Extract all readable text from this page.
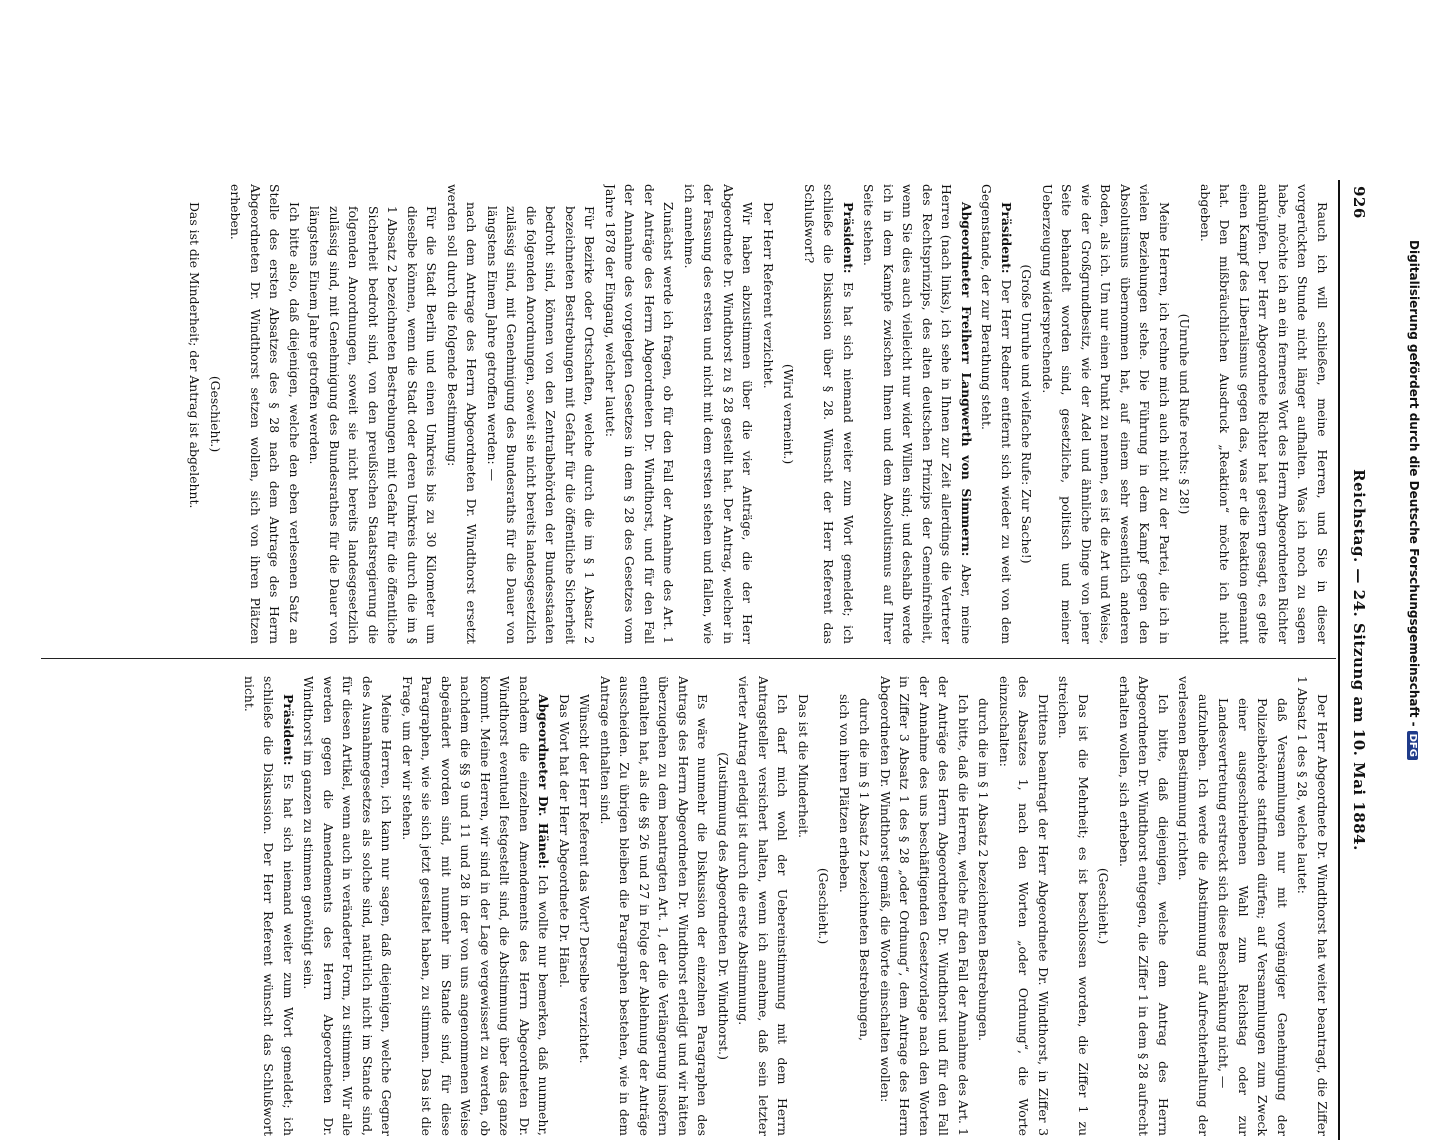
926
Reichstag. — 24. Sitzung am 10. Mai 1884.

Rauch ich will schließen, meine Herren, und Sie in dieser vorgerückten Stunde nicht länger aufhalten. Was ich noch zu sagen habe, möchte ich an ein ferneres Wort des Herrn Abgeordneten Richter anknüpfen. Der Herr Abgeordnete Richter hat gestern gesagt, es gelte einen Kampf des Liberalismus gegen das, was er die Reaktion genannt hat. Den mißbräuchlichen Ausdruck „Reaktion“ möchte ich nicht abgeben.

(Unruhe und Rufe rechts: § 28!)

Meine Herren, ich rechne mich auch nicht zu der Partei, die ich in vielen Beziehungen stehe. Die Führung in dem Kampf gegen den Absolutismus übernommen hat, auf einem sehr wesentlich anderen Boden, als ich. Um nur einen Punkt zu nennen, es ist die Art und Weise, wie der Großgrundbesitz, wie der Adel und ähnliche Dinge von jener Seite behandelt worden sind, gesetzliche, politisch und meiner Ueberzeugung widersprechende.

(Große Unruhe und vielfache Rufe: Zur Sache!)

Präsident: Der Herr Redner entfernt sich wieder zu weit von dem Gegenstande, der zur Berathung steht.

Abgeordneter Freiherr Langwerth von Simmern: Aber, meine Herren (nach links), ich sehe in Ihnen zur Zeit allerdings die Vertreter des Rechtsprinzips, des alten deutschen Prinzips der Gemeinfreiheit, wenn Sie dies auch vielleicht nur wider Willen sind; und deshalb werde ich in dem Kampfe zwischen Ihnen und dem Absolutismus auf Ihrer Seite stehen.

Präsident: Es hat sich niemand weiter zum Wort gemeldet; ich schließe die Diskussion über § 28. Wünscht der Herr Referent das Schlußwort?

(Wird verneint.)

Der Herr Referent verzichtet.

Wir haben abzustimmen über die vier Anträge, die der Herr Abgeordnete Dr. Windthorst zu § 28 gestellt hat. Der Antrag, welcher in der Fassung des ersten und nicht mit dem ersten stehen und fallen, wie ich annehme.

Zunächst werde ich fragen, ob für den Fall der Annahme des Art. 1 der Anträge des Herrn Abgeordneten Dr. Windthorst, und für den Fall der Annahme des vorgelegten Gesetzes in dem § 28 des Gesetzes vom Jahre 1878 der Eingang, welcher lautet:

Für Bezirke oder Ortschaften, welche durch die im § 1 Absatz 2 bezeichneten Bestrebungen mit Gefahr für die öffentliche Sicherheit bedroht sind, können von den Zentralbehörden der Bundesstaaten die folgenden Anordnungen, soweit sie nicht bereits landesgesetzlich zulässig sind, mit Genehmigung des Bundesraths für die Dauer von längstens Einem Jahre getroffen werden: —

nach dem Antrage des Herrn Abgeordneten Dr. Windthorst ersetzt werden soll durch die folgende Bestimmung:

Für die Stadt Berlin und einen Umkreis bis zu 30 Kilometer um dieselbe können, wenn die Stadt oder deren Umkreis durch die im § 1 Absatz 2 bezeichneten Bestrebungen mit Gefahr für die öffentliche Sicherheit bedroht sind, von den preußischen Staatsregierung die folgenden Anordnungen, soweit sie nicht bereits landesgesetzlich zulässig sind, mit Genehmigung des Bundesrathes für die Dauer von längstens Einem Jahre getroffen werden.

Ich bitte also, daß diejenigen, welche den eben verlesenen Satz an Stelle des ersten Absatzes des § 28 nach dem Antrage des Herrn Abgeordneten Dr. Windthorst setzen wollen, sich von ihren Plätzen erheben.

(Geschieht.)

Das ist die Minderheit; der Antrag ist abgelehnt.

Der Herr Abgeordnete Dr. Windthorst hat weiter beantragt, die Ziffer 1 Absatz 1 des § 28, welche lautet:

daß Versammlungen nur mit vorgängiger Genehmigung der Polizeibehörde stattfinden dürfen; auf Versammlungen zum Zweck einer ausgeschriebenen Wahl zum Reichstag oder zur Landesvertretung erstreckt sich diese Beschränkung nicht, —

aufzuheben. Ich werde die Abstimmung auf Aufrechterhaltung der verlesenen Bestimmung richten.

Ich bitte, daß diejenigen, welche dem Antrag des Herrn Abgeordneten Dr. Windthorst entgegen, die Ziffer 1 in dem § 28 aufrecht erhalten wollen, sich erheben.

(Geschieht.)

Das ist die Mehrheit; es ist beschlossen worden, die Ziffer 1 zu streichen.

Drittens beantragt der Herr Abgeordnete Dr. Windthorst, in Ziffer 3 des Absatzes 1, nach den Worten „oder Ordnung“, die Worte einzuschalten:

durch die im § 1 Absatz 2 bezeichneten Bestrebungen.

Ich bitte, daß die Herren, welche für den Fall der Annahme des Art. 1 der Anträge des Herrn Abgeordneten Dr. Windthorst und für den Fall der Annahme des uns beschäftigenden Gesetzvorlage nach den Worten in Ziffer 3 Absatz 1 des § 28 „oder Ordnung“, dem Antrage des Herrn Abgeordneten Dr. Windthorst gemäß, die Worte einschalten wollen:

durch die im § 1 Absatz 2 bezeichneten Bestrebungen,

sich von ihren Plätzen erheben.

(Geschieht.)

Das ist die Minderheit.

Ich darf mich wohl der Uebereinstimmung mit dem Herrn Antragsteller versichert halten, wenn ich annehme, daß sein letzter vierter Antrag erledigt ist durch die erste Abstimmung.

(Zustimmung des Abgeordneten Dr. Windthorst.)

Es wäre nunmehr die Diskussion der einzelnen Paragraphen des Antrags des Herrn Abgeordneten Dr. Windthorst erledigt und wir hätten überzugehen zu dem beantragten Art. 1, der die Verlängerung insofern enthalten hat, als die §§ 26 und 27 in Folge der Ablehnung der Anträge ausscheiden. Zu übrigen bleiben die Paragraphen bestehen, wie in dem Antrage enthalten sind.

Wünscht der Herr Referent das Wort? Derselbe verzichtet.

Das Wort hat der Herr Abgeordnete Dr. Hänel.

Abgeordneter Dr. Hänel: Ich wollte nur bemerken, daß nunmehr, nachdem die einzelnen Amendements des Herrn Abgeordneten Dr. Windthorst eventuell festgestellt sind, die Abstimmung über das ganze kommt. Meine Herren, wir sind in der Lage vergewissert zu werden, ob nachdem die §§ 9 und 11 und 28 in der von uns angenommenen Weise abgeändert worden sind, mit nunmehr im Stande sind, für diese Paragraphen, wie sie sich jetzt gestaltet haben, zu stimmen. Das ist die Frage, um der wir stehen.

Meine Herren, ich kann nur sagen, daß diejenigen, welche Gegner des Ausnahmegesetzes als solche sind, natürlich nicht im Stande sind, für diesen Artikel, wenn auch in veränderter Form, zu stimmen. Wir alle werden gegen die Amendements des Herrn Abgeordneten Dr. Windthorst im ganzen zu stimmen genöthigt sein.

Präsident: Es hat sich niemand weiter zum Wort gemeldet; ich schließe die Diskussion. Der Herr Referent wünscht das Schlußwort nicht.	Digitalisierung gefördert durch die Deutsche Forschungsgemeinschaft -DFG
